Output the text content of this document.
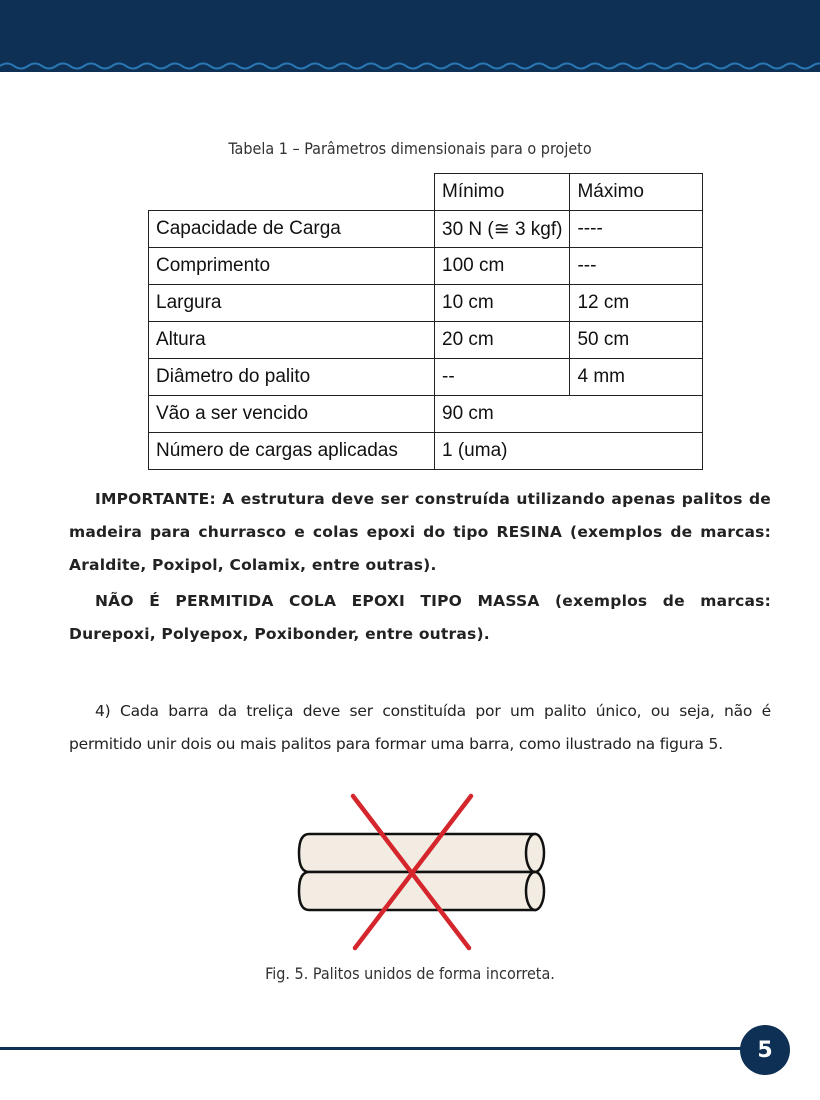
Tabela 1 – Parâmetros dimensionais para o projeto
	Mínimo	Máximo
Capacidade de Carga	30 N (≅ 3 kgf)	----
Comprimento	100 cm	---
Largura	10 cm	12 cm
Altura	20 cm	50 cm
Diâmetro do palito	--	4 mm
Vão a ser vencido	90 cm	
Número de cargas aplicadas	1 (uma)	
IMPORTANTE: A estrutura deve ser construída utilizando apenas palitos de madeira para churrasco e colas epoxi do tipo RESINA (exemplos de marcas: Araldite, Poxipol, Colamix, entre outras).
NÃO É PERMITIDA COLA EPOXI TIPO MASSA (exemplos de marcas: Durepoxi, Polyepox, Poxibonder, entre outras).
4) Cada barra da treliça deve ser constituída por um palito único, ou seja, não é permitido unir dois ou mais palitos para formar uma barra, como ilustrado na figura 5.
Fig. 5. Palitos unidos de forma incorreta.
5
